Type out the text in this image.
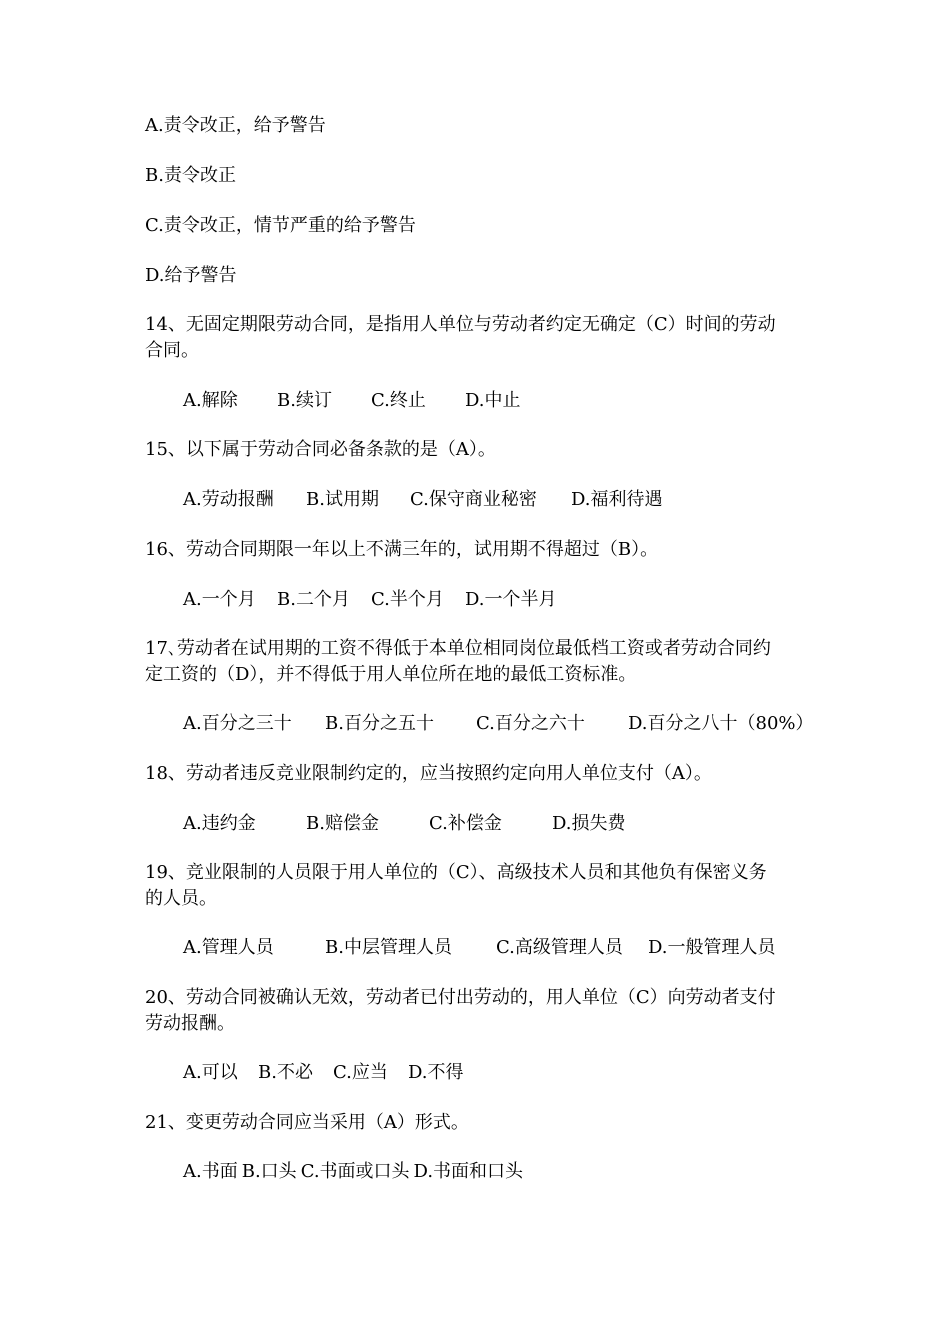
A.责令改正，给予警告
B.责令改正
C.责令改正，情节严重的给予警告
D.给予警告
14、无固定期限劳动合同，是指用人单位与劳动者约定无确定（C）时间的劳动
合同。
A.解除 B.续订 C.终止 D.中止
15、以下属于劳动合同必备条款的是（A）。
A.劳动报酬 B.试用期 C.保守商业秘密 D.福利待遇
16、劳动合同期限一年以上不满三年的，试用期不得超过（B）。
A.一个月 B.二个月 C.半个月 D.一个半月
17､劳动者在试用期的工资不得低于本单位相同岗位最低档工资或者劳动合同约
定工资的（D），并不得低于用人单位所在地的最低工资标准。
A.百分之三十 B.百分之五十 C.百分之六十 D.百分之八十（80%）
18、劳动者违反竞业限制约定的，应当按照约定向用人单位支付（A）。
A.违约金	B.赔偿金	C.补偿金	D.损失费
19、竞业限制的人员限于用人单位的（C）、高级技术人员和其他负有保密义务
的人员。
A.管理人员	B.中层管理人员 C.高级管理人员 D.一般管理人员
20、劳动合同被确认无效，劳动者已付出劳动的，用人单位（C）向劳动者支付
劳动报酬。
A.可以 B.不必 C.应当 D.不得
21、变更劳动合同应当采用（A）形式。
A.书面 B.口头 C.书面或口头 D.书面和口头
